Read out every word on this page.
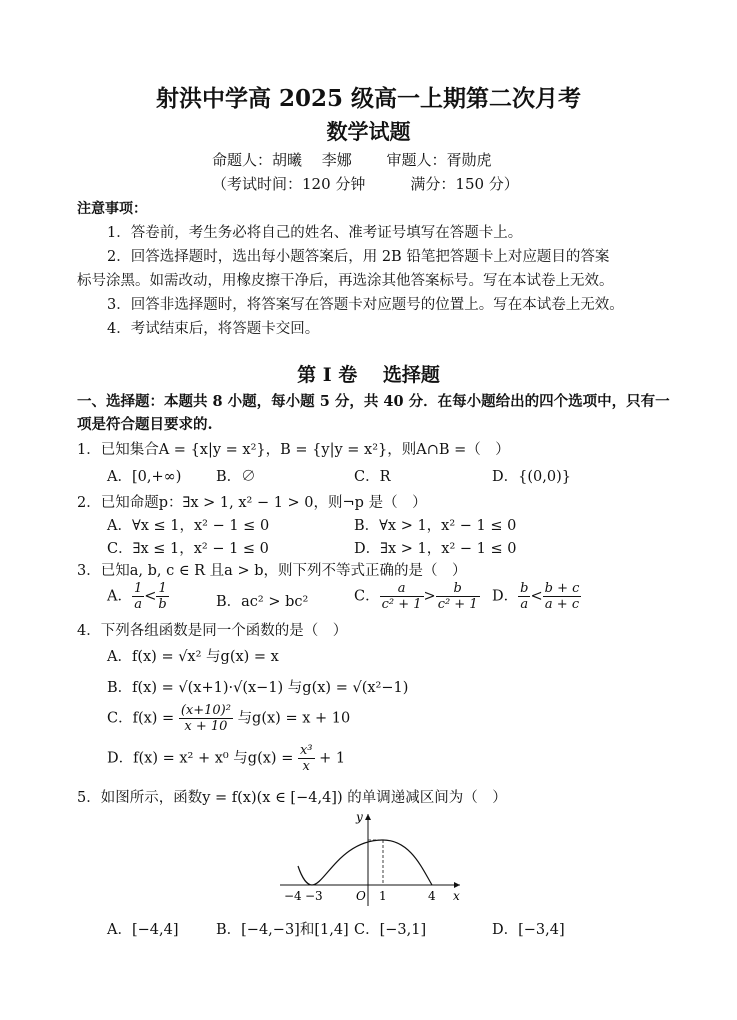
射洪中学高 2025 级高一上期第二次月考
数学试题
命题人：胡曦　 李娜　　 审题人：胥勋虎
（考试时间：120 分钟　　　满分：150 分）
注意事项：
1．答卷前，考生务必将自己的姓名、准考证号填写在答题卡上。
2．回答选择题时，选出每小题答案后，用 2B 铅笔把答题卡上对应题目的答案
标号涂黑。如需改动，用橡皮擦干净后，再选涂其他答案标号。写在本试卷上无效。
3．回答非选择题时，将答案写在答题卡对应题号的位置上。写在本试卷上无效。
4．考试结束后，将答题卡交回。
第 I 卷　 选择题
一、选择题：本题共 8 小题，每小题 5 分，共 40 分．在每小题给出的四个选项中，只有一
项是符合题目要求的.
1．已知集合A = {x|y = x²}，B = {y|y = x²}，则A∩B =（　）
A．[0,+∞) B．∅	C．R	D．{(0,0)}
2．已知命题p：∃x > 1, x² − 1 > 0，则¬p 是（　）
A．∀x ≤ 1，x² − 1 ≤ 0	B．∀x > 1，x² − 1 ≤ 0
C．∃x ≤ 1，x² − 1 ≤ 0	D．∃x > 1，x² − 1 ≤ 0
3．已知a, b, c ∈ R 且a > b，则下列不等式正确的是（　）
A． $\frac{1}{a} < \frac{1}{b}$	B．ac² > bc²	C． $\frac{a}{\text{c² + 1}} > \frac{b}{\text{c² + 1}}$ D． $\frac{b}{a} < \frac{b + c}{a + c}$
4．下列各组函数是同一个函数的是（　）
A．f(x) = √x² 与g(x) = x
B．f(x) = √(x+1)·√(x−1) 与g(x) = √(x²−1)
C．$f(x) = \frac{\text{(x+10)²}}{x + 10}$ 与g(x) = x + 10
D．f(x) = x² + x⁰ 与$g(x) = \frac{\text{x³}}{x} + 1$
5．如图所示，函数y = f(x)(x ∈ [−4,4]) 的单调递减区间为（　）
y
x
O
−4 −3	1	4
A．[−4,4]	B．[−4,−3]和[1,4] C．[−3,1]	D．[−3,4]
